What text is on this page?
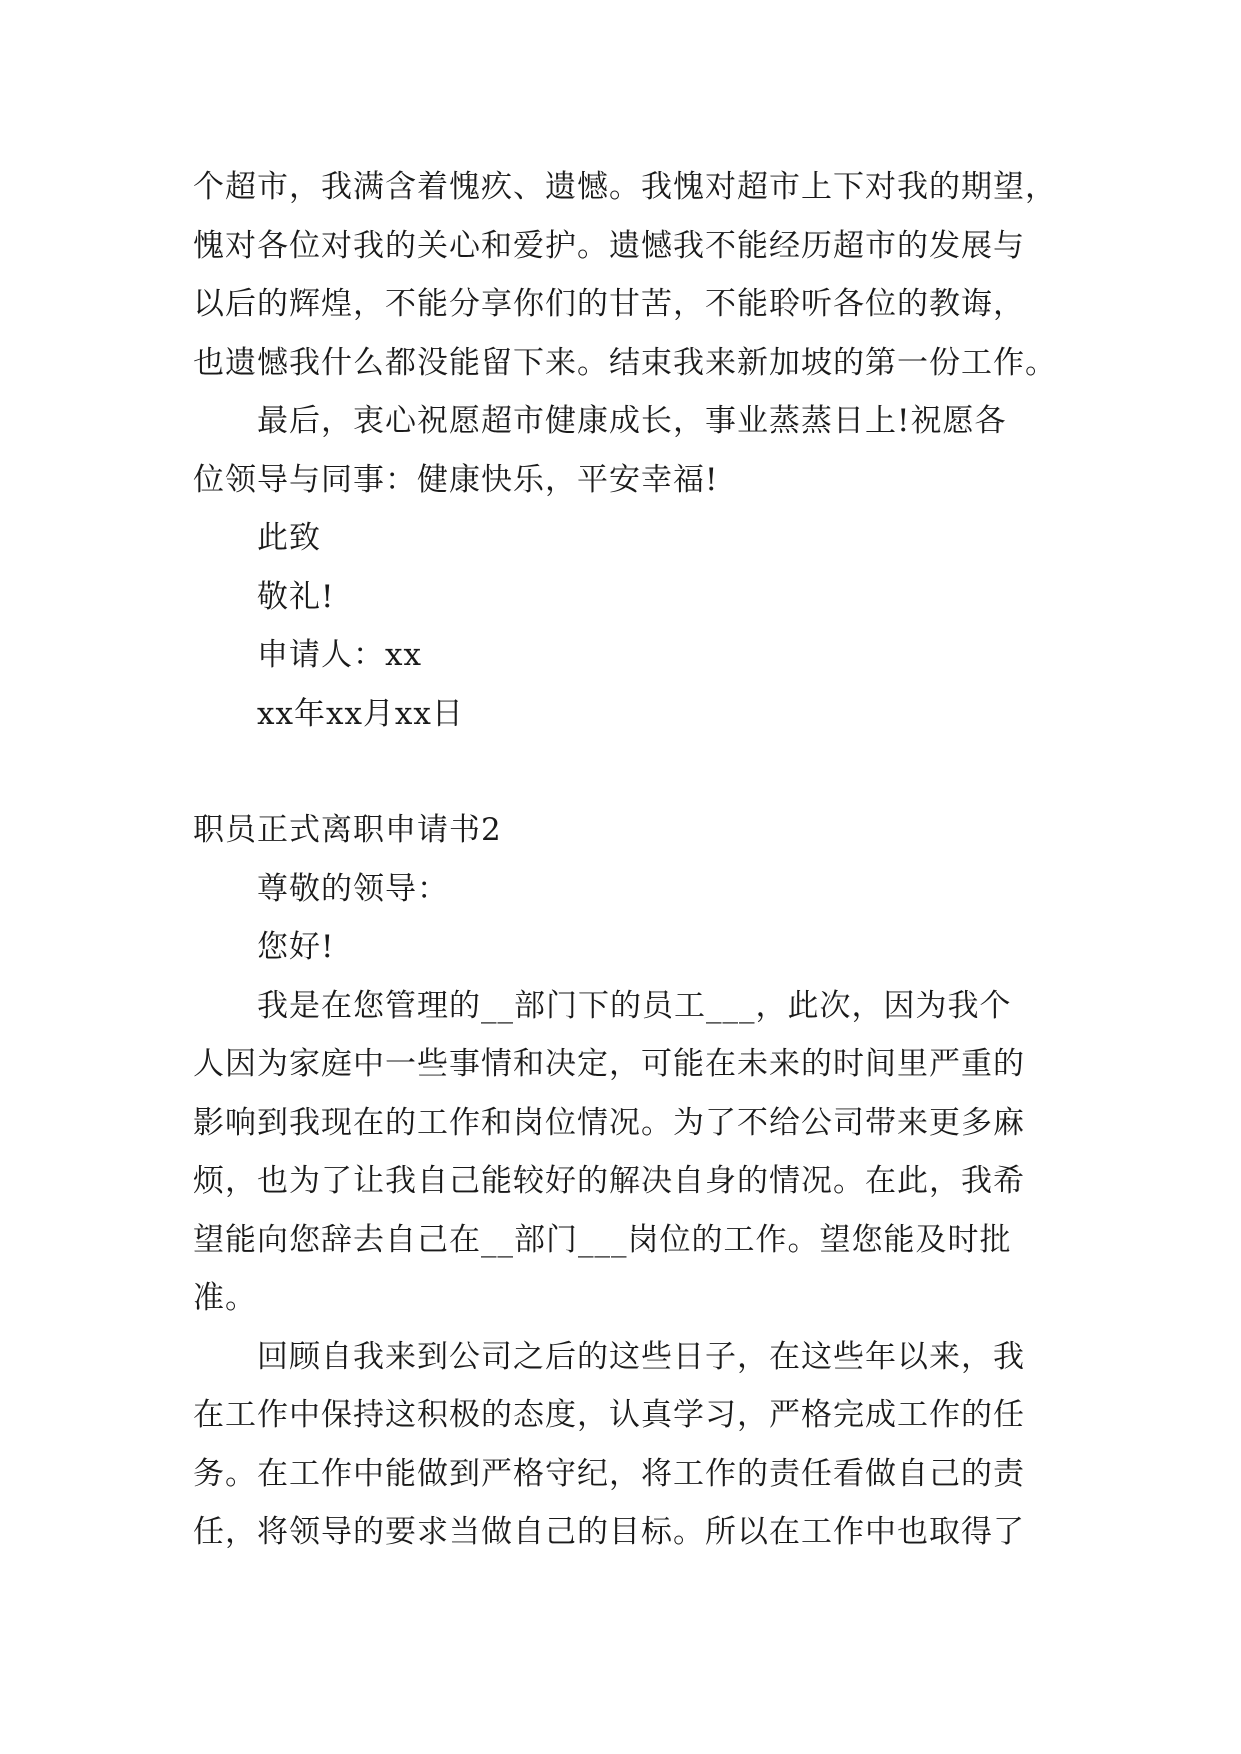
个超市，我满含着愧疚、遗憾。我愧对超市上下对我的期望，
愧对各位对我的关心和爱护。遗憾我不能经历超市的发展与
以后的辉煌，不能分享你们的甘苦，不能聆听各位的教诲，
也遗憾我什么都没能留下来。结束我来新加坡的第一份工作。
最后，衷心祝愿超市健康成长，事业蒸蒸日上!祝愿各
位领导与同事：健康快乐，平安幸福!
此致
敬礼!
申请人：xx
xx年xx月xx日
职员正式离职申请书2
尊敬的领导：
您好!
我是在您管理的__部门下的员工___，此次，因为我个
人因为家庭中一些事情和决定，可能在未来的时间里严重的
影响到我现在的工作和岗位情况。为了不给公司带来更多麻
烦，也为了让我自己能较好的解决自身的情况。在此，我希
望能向您辞去自己在__部门___岗位的工作。望您能及时批
准。
回顾自我来到公司之后的这些日子，在这些年以来，我
在工作中保持这积极的态度，认真学习，严格完成工作的任
务。在工作中能做到严格守纪，将工作的责任看做自己的责
任，将领导的要求当做自己的目标。所以在工作中也取得了
